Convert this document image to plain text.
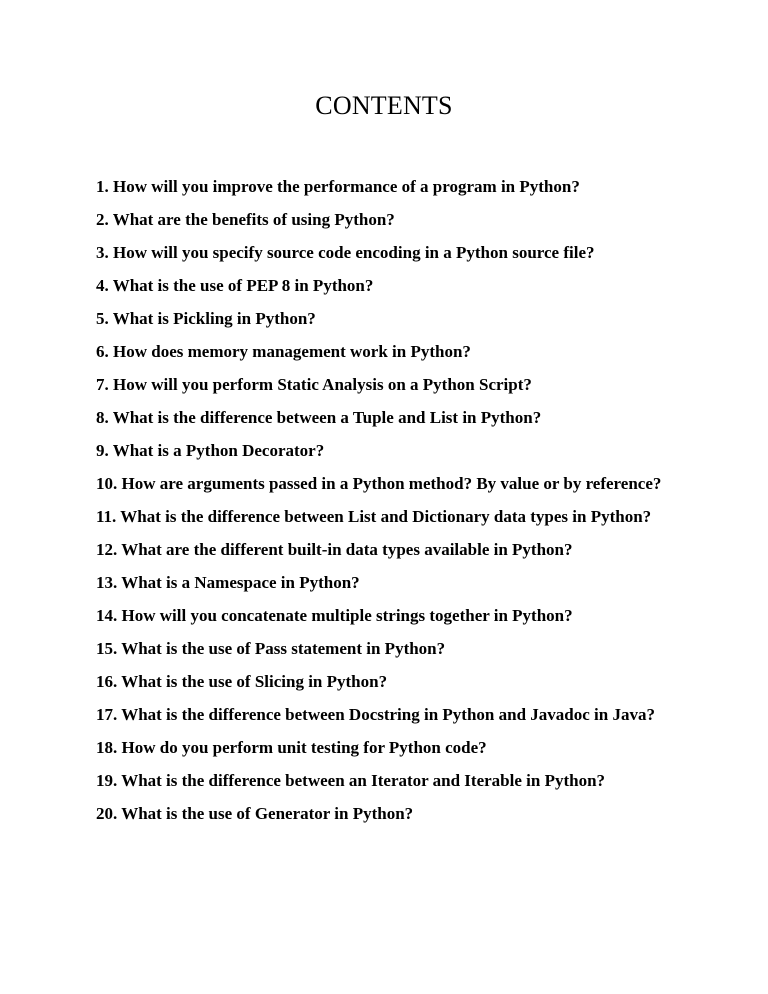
CONTENTS
1. How will you improve the performance of a program in Python?
2. What are the benefits of using Python?
3. How will you specify source code encoding in a Python source file?
4. What is the use of PEP 8 in Python?
5. What is Pickling in Python?
6. How does memory management work in Python?
7. How will you perform Static Analysis on a Python Script?
8. What is the difference between a Tuple and List in Python?
9. What is a Python Decorator?
10. How are arguments passed in a Python method? By value or by reference?
11. What is the difference between List and Dictionary data types in Python?
12. What are the different built-in data types available in Python?
13. What is a Namespace in Python?
14. How will you concatenate multiple strings together in Python?
15. What is the use of Pass statement in Python?
16. What is the use of Slicing in Python?
17. What is the difference between Docstring in Python and Javadoc in Java?
18. How do you perform unit testing for Python code?
19. What is the difference between an Iterator and Iterable in Python?
20. What is the use of Generator in Python?
